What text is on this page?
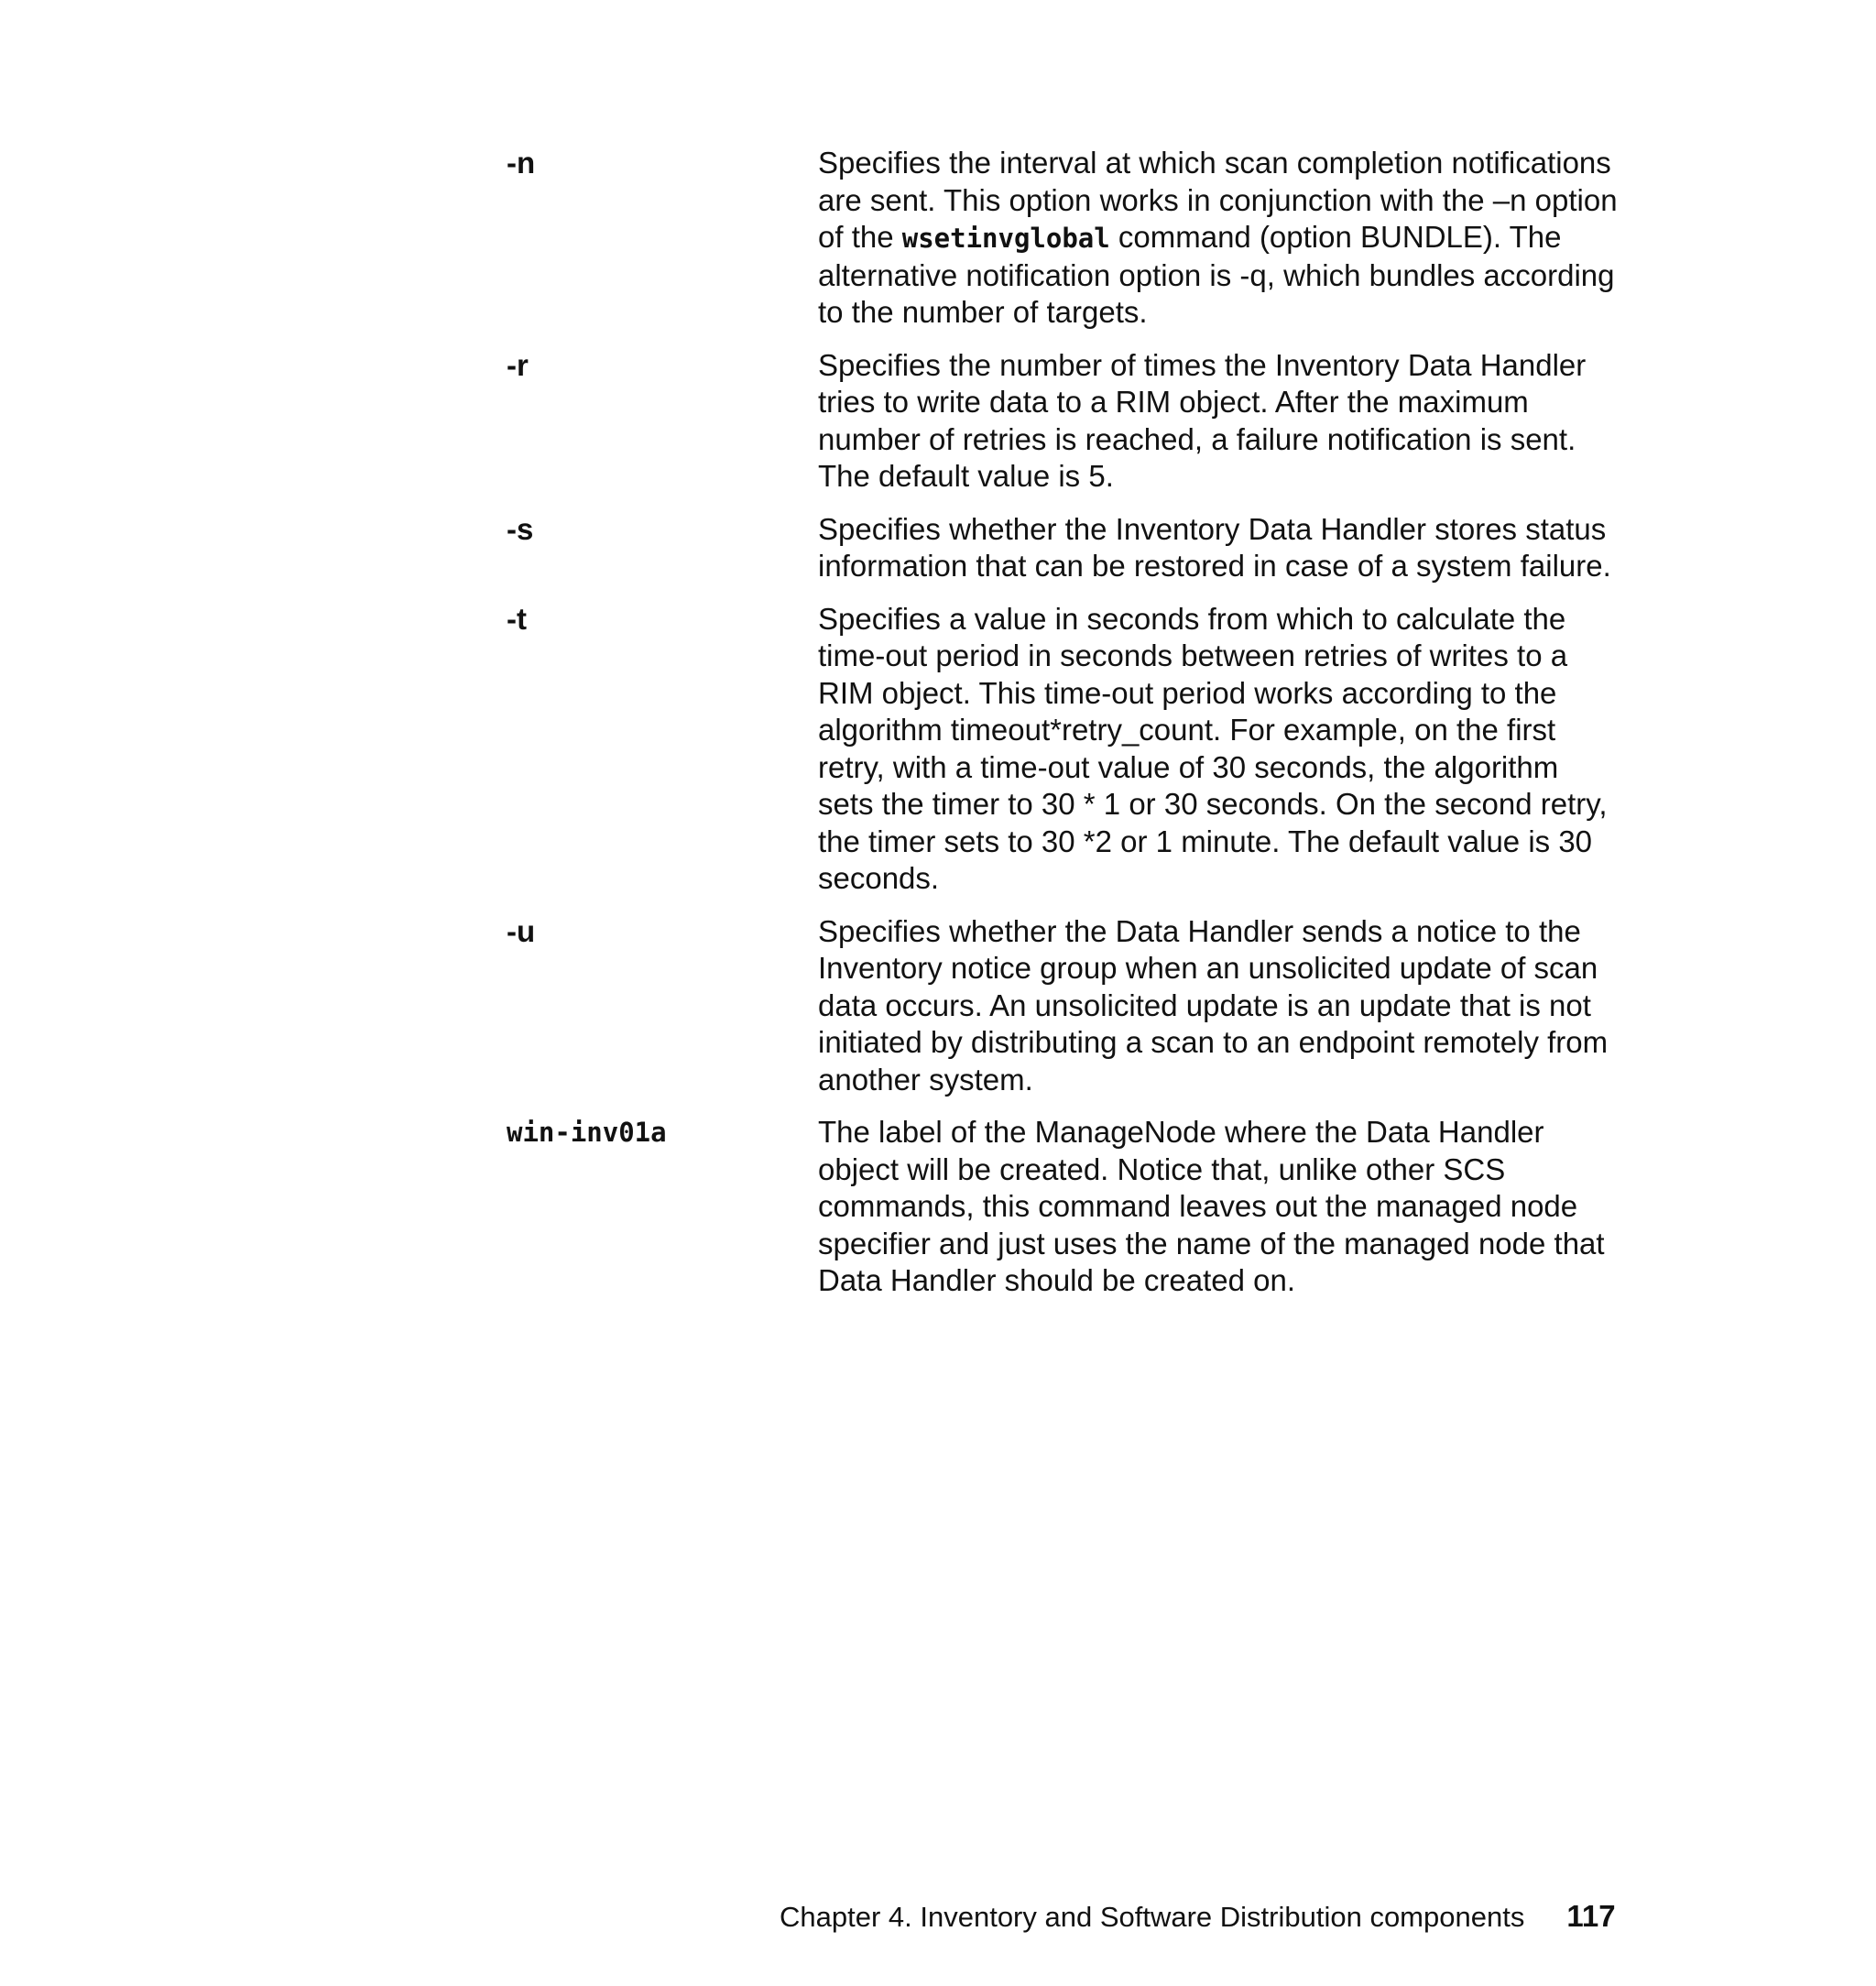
-n	Specifies the interval at which scan completion notifications are sent. This option works in conjunction with the –n option of the wsetinvglobal command (option BUNDLE). The alternative notification option is -q, which bundles according to the number of targets.
-r	Specifies the number of times the Inventory Data Handler tries to write data to a RIM object. After the maximum number of retries is reached, a failure notification is sent. The default value is 5.
-s	Specifies whether the Inventory Data Handler stores status information that can be restored in case of a system failure.
-t	Specifies a value in seconds from which to calculate the time-out period in seconds between retries of writes to a RIM object. This time-out period works according to the algorithm timeout*retry_count. For example, on the first retry, with a time-out value of 30 seconds, the algorithm sets the timer to 30 * 1 or 30 seconds. On the second retry, the timer sets to 30 *2 or 1 minute. The default value is 30 seconds.
-u	Specifies whether the Data Handler sends a notice to the Inventory notice group when an unsolicited update of scan data occurs. An unsolicited update is an update that is not initiated by distributing a scan to an endpoint remotely from another system.
win-inv01a	The label of the ManageNode where the Data Handler object will be created. Notice that, unlike other SCS commands, this command leaves out the managed node specifier and just uses the name of the managed node that Data Handler should be created on.
Chapter 4. Inventory and Software Distribution components 117
